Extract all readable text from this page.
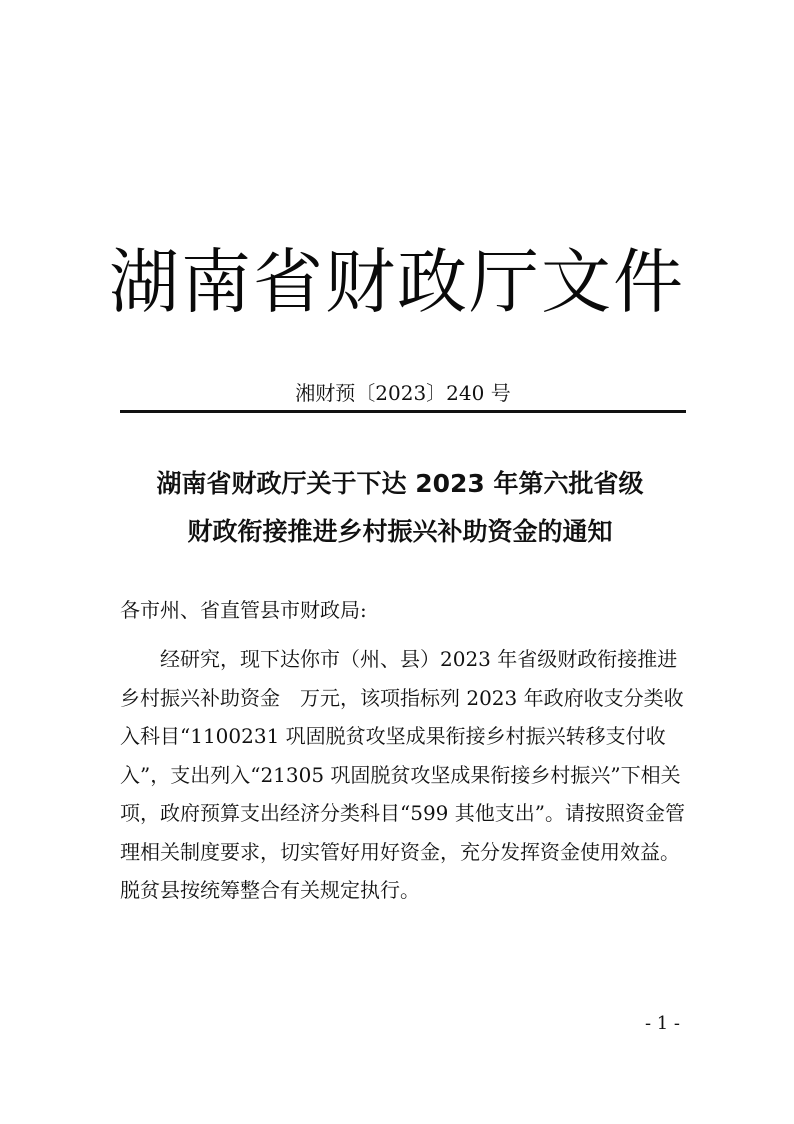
湖南省财政厅文件
湘财预〔2023〕240 号
湖南省财政厅关于下达 2023 年第六批省级
财政衔接推进乡村振兴补助资金的通知
各市州、省直管县市财政局:
经研究，现下达你市（州、县）2023 年省级财政衔接推进
乡村振兴补助资金　万元，该项指标列 2023 年政府收支分类收
入科目“1100231 巩固脱贫攻坚成果衔接乡村振兴转移支付收
入”，支出列入“21305 巩固脱贫攻坚成果衔接乡村振兴”下相关
项，政府预算支出经济分类科目“599 其他支出”。请按照资金管
理相关制度要求，切实管好用好资金，充分发挥资金使用效益。
脱贫县按统筹整合有关规定执行。
- 1 -
